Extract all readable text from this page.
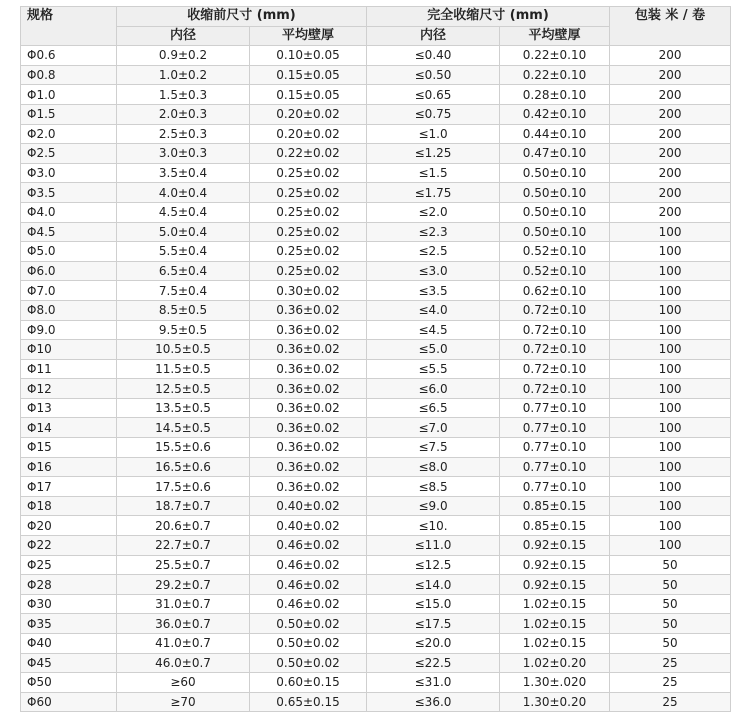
规格	收缩前尺寸 (mm)		完全收缩尺寸 (mm)		包装 米 / 卷
	内径	平均壁厚	内径	平均壁厚	
Φ0.6	0.9±0.2	0.10±0.05	≤0.40	0.22±0.10	200
Φ0.8	1.0±0.2	0.15±0.05	≤0.50	0.22±0.10	200
Φ1.0	1.5±0.3	0.15±0.05	≤0.65	0.28±0.10	200
Φ1.5	2.0±0.3	0.20±0.02	≤0.75	0.42±0.10	200
Φ2.0	2.5±0.3	0.20±0.02	≤1.0	0.44±0.10	200
Φ2.5	3.0±0.3	0.22±0.02	≤1.25	0.47±0.10	200
Φ3.0	3.5±0.4	0.25±0.02	≤1.5	0.50±0.10	200
Φ3.5	4.0±0.4	0.25±0.02	≤1.75	0.50±0.10	200
Φ4.0	4.5±0.4	0.25±0.02	≤2.0	0.50±0.10	200
Φ4.5	5.0±0.4	0.25±0.02	≤2.3	0.50±0.10	100
Φ5.0	5.5±0.4	0.25±0.02	≤2.5	0.52±0.10	100
Φ6.0	6.5±0.4	0.25±0.02	≤3.0	0.52±0.10	100
Φ7.0	7.5±0.4	0.30±0.02	≤3.5	0.62±0.10	100
Φ8.0	8.5±0.5	0.36±0.02	≤4.0	0.72±0.10	100
Φ9.0	9.5±0.5	0.36±0.02	≤4.5	0.72±0.10	100
Φ10	10.5±0.5	0.36±0.02	≤5.0	0.72±0.10	100
Φ11	11.5±0.5	0.36±0.02	≤5.5	0.72±0.10	100
Φ12	12.5±0.5	0.36±0.02	≤6.0	0.72±0.10	100
Φ13	13.5±0.5	0.36±0.02	≤6.5	0.77±0.10	100
Φ14	14.5±0.5	0.36±0.02	≤7.0	0.77±0.10	100
Φ15	15.5±0.6	0.36±0.02	≤7.5	0.77±0.10	100
Φ16	16.5±0.6	0.36±0.02	≤8.0	0.77±0.10	100
Φ17	17.5±0.6	0.36±0.02	≤8.5	0.77±0.10	100
Φ18	18.7±0.7	0.40±0.02	≤9.0	0.85±0.15	100
Φ20	20.6±0.7	0.40±0.02	≤10.	0.85±0.15	100
Φ22	22.7±0.7	0.46±0.02	≤11.0	0.92±0.15	100
Φ25	25.5±0.7	0.46±0.02	≤12.5	0.92±0.15	50
Φ28	29.2±0.7	0.46±0.02	≤14.0	0.92±0.15	50
Φ30	31.0±0.7	0.46±0.02	≤15.0	1.02±0.15	50
Φ35	36.0±0.7	0.50±0.02	≤17.5	1.02±0.15	50
Φ40	41.0±0.7	0.50±0.02	≤20.0	1.02±0.15	50
Φ45	46.0±0.7	0.50±0.02	≤22.5	1.02±0.20	25
Φ50	≥60	0.60±0.15	≤31.0	1.30±.020	25
Φ60	≥70	0.65±0.15	≤36.0	1.30±0.20	25
